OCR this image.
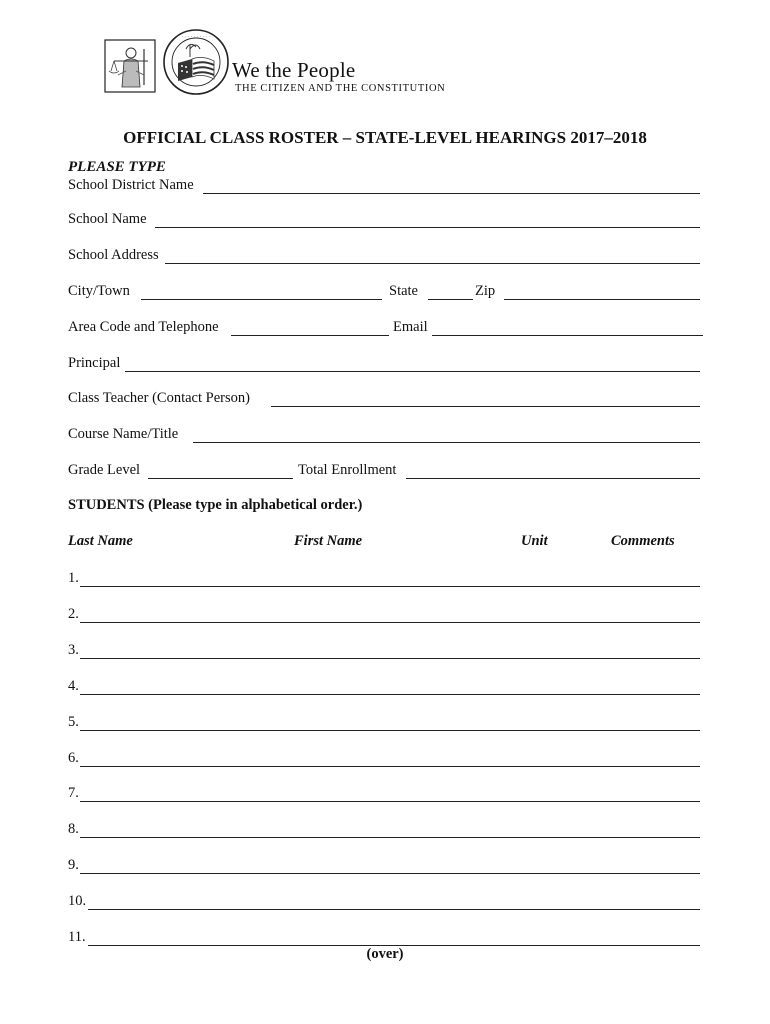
· · · · · · · · · ·
We the People
THE CITIZEN AND THE CONSTITUTION
OFFICIAL CLASS ROSTER – STATE-LEVEL HEARINGS 2017–2018
PLEASE TYPE
School District Name
School Name
School Address
City/Town	State	Zip
Area Code and Telephone	Email
Principal
Class Teacher (Contact Person)
Course Name/Title
Grade Level	Total Enrollment
STUDENTS (Please type in alphabetical order.)
Last Name	First Name	Unit	Comments
1.
2.
3.
4.
5.
6.
7.
8.
9.
10.
11.
(over)
